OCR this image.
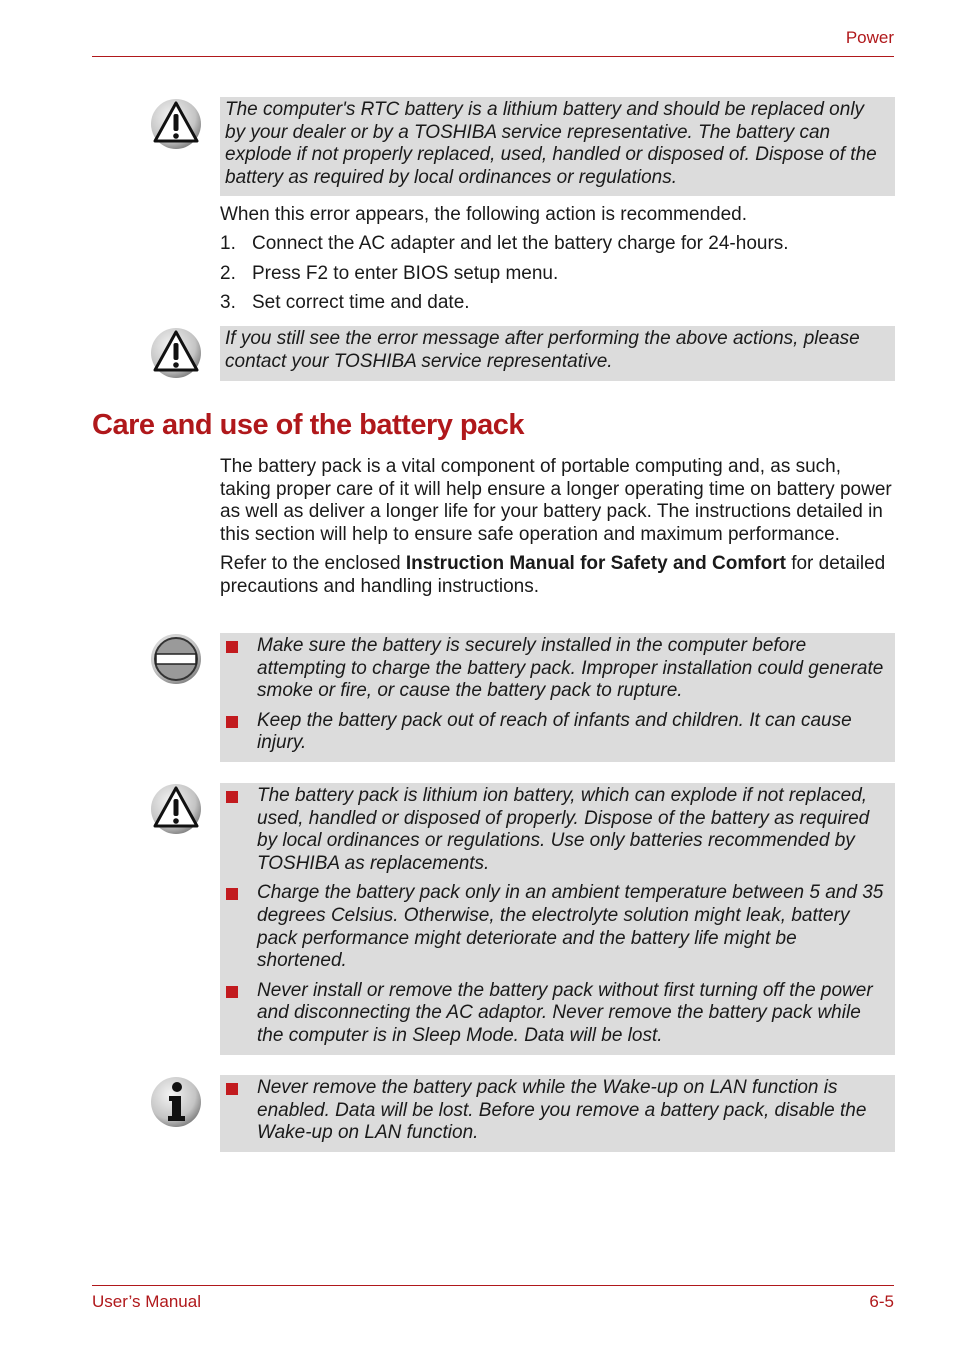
Power
The computer's RTC battery is a lithium battery and should be replaced only by your dealer or by a TOSHIBA service representative. The battery can explode if not properly replaced, used, handled or disposed of. Dispose of the battery as required by local ordinances or regulations.
When this error appears, the following action is recommended.
1. Connect the AC adapter and let the battery charge for 24-hours.
2. Press F2 to enter BIOS setup menu.
3. Set correct time and date.
If you still see the error message after performing the above actions, please contact your TOSHIBA service representative.
Care and use of the battery pack

The battery pack is a vital component of portable computing and, as such, taking proper care of it will help ensure a longer operating time on battery power as well as deliver a longer life for your battery pack. The instructions detailed in this section will help to ensure safe operation and maximum performance.

Refer to the enclosed Instruction Manual for Safety and Comfort for detailed precautions and handling instructions.

Make sure the battery is securely installed in the computer before attempting to charge the battery pack. Improper installation could generate smoke or fire, or cause the battery pack to rupture.
Keep the battery pack out of reach of infants and children. It can cause injury.
The battery pack is lithium ion battery, which can explode if not replaced, used, handled or disposed of properly. Dispose of the battery as required by local ordinances or regulations. Use only batteries recommended by TOSHIBA as replacements.
Charge the battery pack only in an ambient temperature between 5 and 35 degrees Celsius. Otherwise, the electrolyte solution might leak, battery pack performance might deteriorate and the battery life might be shortened.
Never install or remove the battery pack without first turning off the power and disconnecting the AC adaptor. Never remove the battery pack while the computer is in Sleep Mode. Data will be lost.
Never remove the battery pack while the Wake-up on LAN function is enabled. Data will be lost. Before you remove a battery pack, disable the Wake-up on LAN function.
User’s Manual	6-5
